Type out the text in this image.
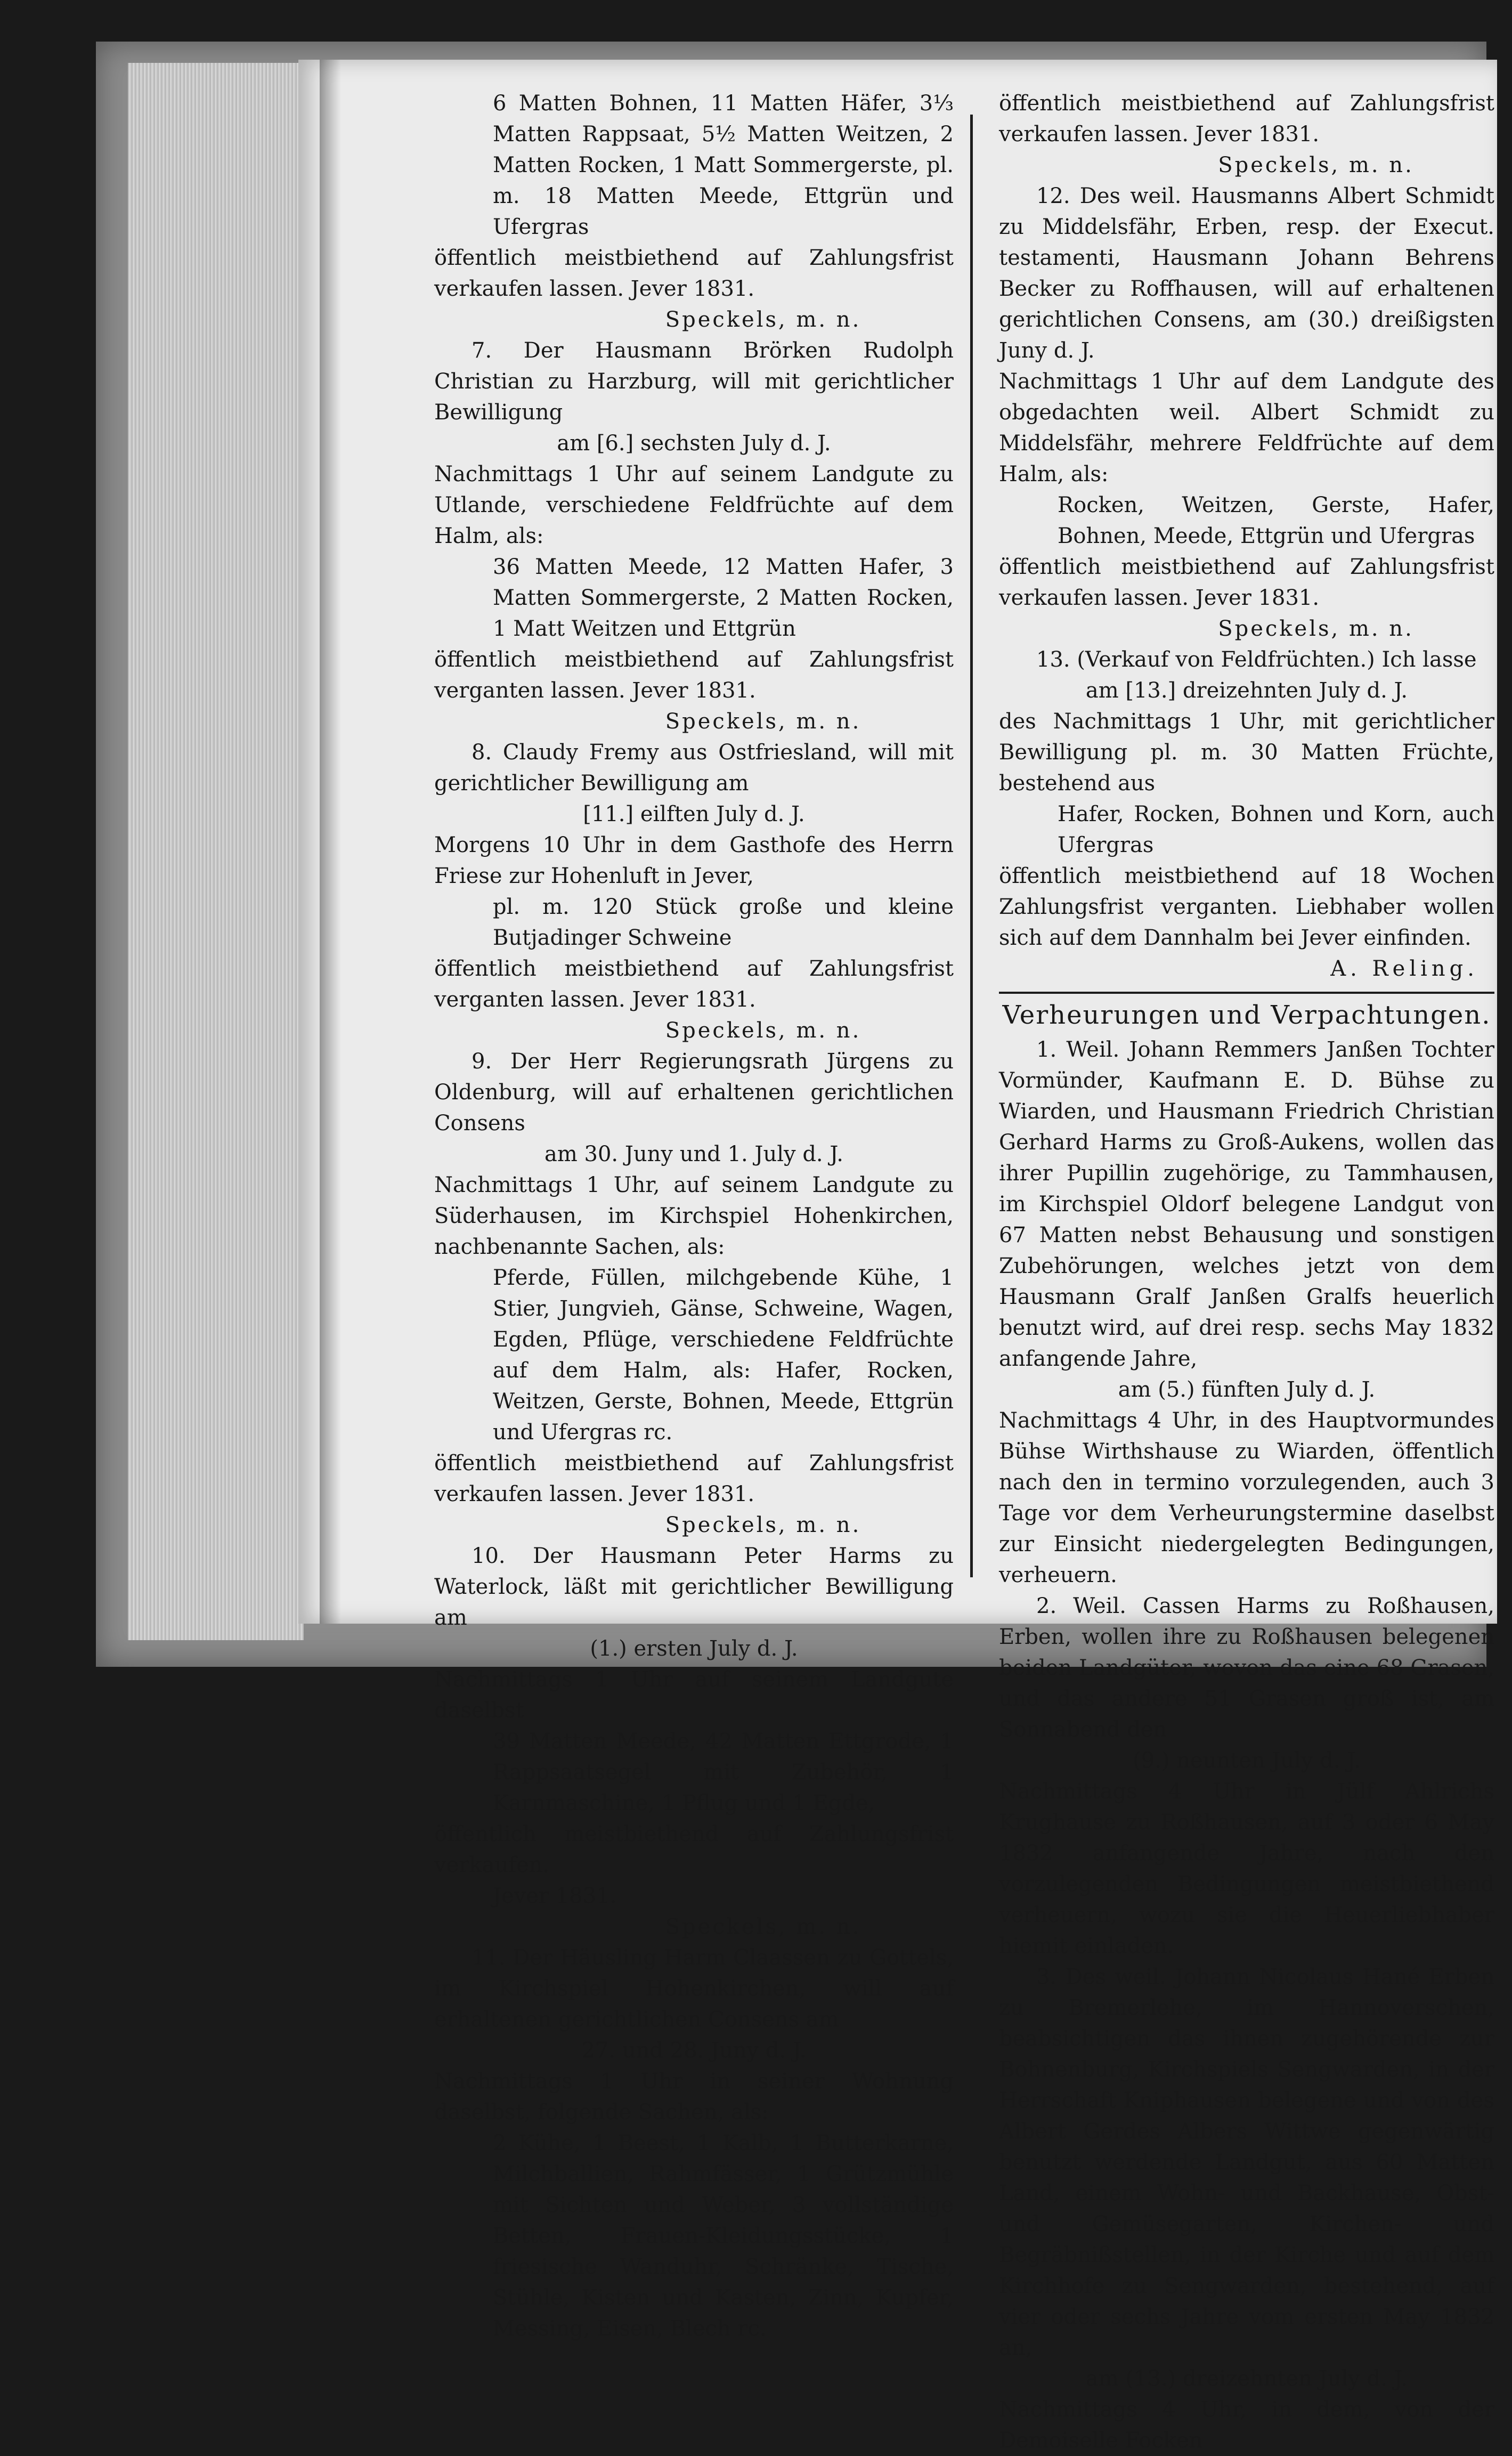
6 Matten Bohnen, 11 Matten Häfer, 3⅓ Matten Rappsaat, 5½ Matten Weitzen, 2 Matten Rocken, 1 Matt Sommergerste, pl. m. 18 Matten Meede, Ettgrün und Ufergras

öffentlich meistbiethend auf Zahlungsfrist verkaufen lassen. Jever 1831.

Speckels, m. n.

7. Der Hausmann Brörken Rudolph Christian zu Harzburg, will mit gerichtlicher Bewilligung

am [6.] sechsten July d. J.

Nachmittags 1 Uhr auf seinem Landgute zu Utlande, verschiedene Feldfrüchte auf dem Halm, als:

36 Matten Meede, 12 Matten Hafer, 3 Matten Sommergerste, 2 Matten Rocken, 1 Matt Weitzen und Ettgrün

öffentlich meistbiethend auf Zahlungsfrist verganten lassen. Jever 1831.

Speckels, m. n.

8. Claudy Fremy aus Ostfriesland, will mit gerichtlicher Bewilligung am

[11.] eilften July d. J.

Morgens 10 Uhr in dem Gasthofe des Herrn Friese zur Hohenluft in Jever,

pl. m. 120 Stück große und kleine Butjadinger Schweine

öffentlich meistbiethend auf Zahlungsfrist verganten lassen. Jever 1831.

Speckels, m. n.

9. Der Herr Regierungsrath Jürgens zu Oldenburg, will auf erhaltenen gerichtlichen Consens

am 30. Juny und 1. July d. J.

Nachmittags 1 Uhr, auf seinem Landgute zu Süderhausen, im Kirchspiel Hohenkirchen, nachbenannte Sachen, als:

Pferde, Füllen, milchgebende Kühe, 1 Stier, Jungvieh, Gänse, Schweine, Wagen, Egden, Pflüge, verschiedene Feldfrüchte auf dem Halm, als: Hafer, Rocken, Weitzen, Gerste, Bohnen, Meede, Ettgrün und Ufergras rc.

öffentlich meistbiethend auf Zahlungsfrist verkaufen lassen. Jever 1831.

Speckels, m. n.

10. Der Hausmann Peter Harms zu Waterlock, läßt mit gerichtlicher Bewilligung am

(1.) ersten July d. J.

Nachmittags 1 Uhr auf seinem Landgute daselbst

39 Matten Meede, 42 Matten Ettgrode, 1 Rappsaatsegel mit Zubehör, 1 Karnmaschine, 1 Pflug und 1 Egde,

öffentlich meistbiethend auf Zahlungsfrist verkaufen.

Jever 1831.

Speckels, m. n.

11. Der Häusling Harm Claassen zu Gottels, im Kirchspiel Hohenkirchen, will auf erhaltenen gerichtlichen Consens am

27. und 28. Juny d. J.

Nachmittags 1 Uhr in seiner Wohnung daselbst, folgende Sachen, als:

2 Kühe, 1 Beest, 1 Kalb, 1 Butterkarne, Milchballien, Rahmfässer, 1 Grützmühle mit Sichten und Weber, 3 vollständige Betten, Frauen-Kleidungsstücke, 1 friesische Wanduhr, Schränke, Tische, Stühle, Kisten und Kasten, Zinn, Kupfer, Messing, Eisen, Blech rc.

öffentlich meistbiethend auf Zahlungsfrist verkaufen lassen. Jever 1831.

Speckels, m. n.

12. Des weil. Hausmanns Albert Schmidt zu Middelsfähr, Erben, resp. der Execut. testamenti, Hausmann Johann Behrens Becker zu Roffhausen, will auf erhaltenen gerichtlichen Consens, am (30.) dreißigsten Juny d. J.

Nachmittags 1 Uhr auf dem Landgute des obgedachten weil. Albert Schmidt zu Middelsfähr, mehrere Feldfrüchte auf dem Halm, als:

Rocken, Weitzen, Gerste, Hafer, Bohnen, Meede, Ettgrün und Ufergras

öffentlich meistbiethend auf Zahlungsfrist verkaufen lassen. Jever 1831.

Speckels, m. n.

13. (Verkauf von Feldfrüchten.) Ich lasse

am [13.] dreizehnten July d. J.

des Nachmittags 1 Uhr, mit gerichtlicher Bewilligung pl. m. 30 Matten Früchte, bestehend aus

Hafer, Rocken, Bohnen und Korn, auch Ufergras

öffentlich meistbiethend auf 18 Wochen Zahlungsfrist verganten. Liebhaber wollen sich auf dem Dannhalm bei Jever einfinden.

A. Reling.

Verheurungen und Verpachtungen.

1. Weil. Johann Remmers Janßen Tochter Vormünder, Kaufmann E. D. Bühse zu Wiarden, und Hausmann Friedrich Christian Gerhard Harms zu Groß-Aukens, wollen das ihrer Pupillin zugehörige, zu Tammhausen, im Kirchspiel Oldorf belegene Landgut von 67 Matten nebst Behausung und sonstigen Zubehörungen, welches jetzt von dem Hausmann Gralf Janßen Gralfs heuerlich benutzt wird, auf drei resp. sechs May 1832 anfangende Jahre,

am (5.) fünften July d. J.

Nachmittags 4 Uhr, in des Hauptvormundes Bühse Wirthshause zu Wiarden, öffentlich nach den in termino vorzulegenden, auch 3 Tage vor dem Verheurungstermine daselbst zur Einsicht niedergelegten Bedingungen, verheuern.

2. Weil. Cassen Harms zu Roßhausen, Erben, wollen ihre zu Roßhausen belegenen beiden Landgüter, wovon das eine 68 Grasen, und das andere 51 Grasen groß ist, am Sonnabend den

(9.) neunten July d. J.

Nachmittags 4 Uhr in Jülf Ahlrichs Krughause zu Roßhausen, auf 3 oder 6 May 1832 anfangende Jahre, nach den vorzulegenden Bedingungen meistbiethend verheuern, wozu sie die Heuerliebhaber hiemit einladen.

3. Des weil. Johann Nicolaus Hané Erben zu Bremerlehe, im Hannoverschen, beabsichtigen das ihnen zugehörende zur Bohnenburg, Kirchspiels Sengwarden, in der Herrschaft Kniphausen belegene und von des Albert Gerdes Albers Wittwe gegenwärtig benutzt werdende Landgut, aus 60 Matten Land, einem Wohn- und Backhause, Obst- und Gemüsegarten, Kirchen- und Begräbnißstellen, in der Kirche und auf dem Kirchhofe zu Sengwarden, bestehend, auf vier oder sechs Jahre vom ersten May 1832 an,

am (13.) dreizehnten July d. J.

Nachmittags 4 Uhr, in dem, von der Demoiselle Focken
